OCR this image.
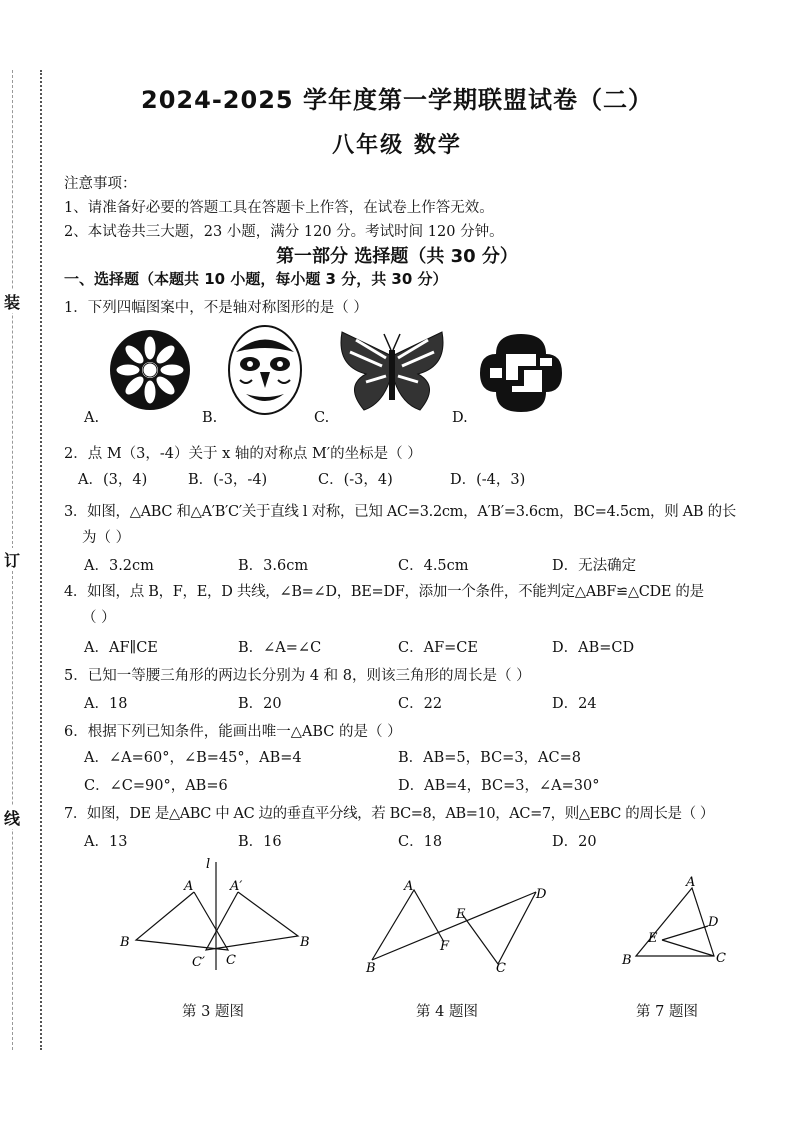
装
订
线
2024-2025 学年度第一学期联盟试卷（二）
八年级 数学
注意事项：
1、请准备好必要的答题工具在答题卡上作答，在试卷上作答无效。
2、本试卷共三大题，23 小题，满分 120 分。考试时间 120 分钟。
第一部分 选择题（共 30 分）
一、选择题（本题共 10 小题，每小题 3 分，共 30 分）
1．下列四幅图案中，不是轴对称图形的是（ ）
A.	B.	C.	D.
2．点 M（3，-4）关于 x 轴的对称点 M′的坐标是（ ）
A．(3，4)	B．(-3，-4)	C．(-3，4)	D．(-4，3)
3．如图，△ABC 和△A′B′C′关于直线 l 对称，已知 AC=3.2cm，A′B′=3.6cm，BC=4.5cm，则 AB 的长
为（ ）
A．3.2cm	B．3.6cm	C．4.5cm	D．无法确定
4．如图，点 B，F，E，D 共线，∠B=∠D，BE=DF，添加一个条件，不能判定△ABF≌△CDE 的是
（ ）
A．AF∥CE	B．∠A=∠C	C．AF=CE	D．AB=CD
5．已知一等腰三角形的两边长分别为 4 和 8，则该三角形的周长是（ ）
A．18	B．20	C．22	D．24
6．根据下列已知条件，能画出唯一△ABC 的是（ ）
A．∠A=60°，∠B=45°，AB=4	B．AB=5，BC=3，AC=8
C．∠C=90°，AB=6	D．AB=4，BC=3，∠A=30°
7．如图，DE 是△ABC 中 AC 边的垂直平分线，若 BC=8，AB=10，AC=7，则△EBC 的周长是（ ）
A．13	B．16	C．18	D．20
l
A	A′
B	B
C′ C
第 3 题图
A
D
E
F
B	C
第 4 题图
A
D
E
B	C
第 7 题图
